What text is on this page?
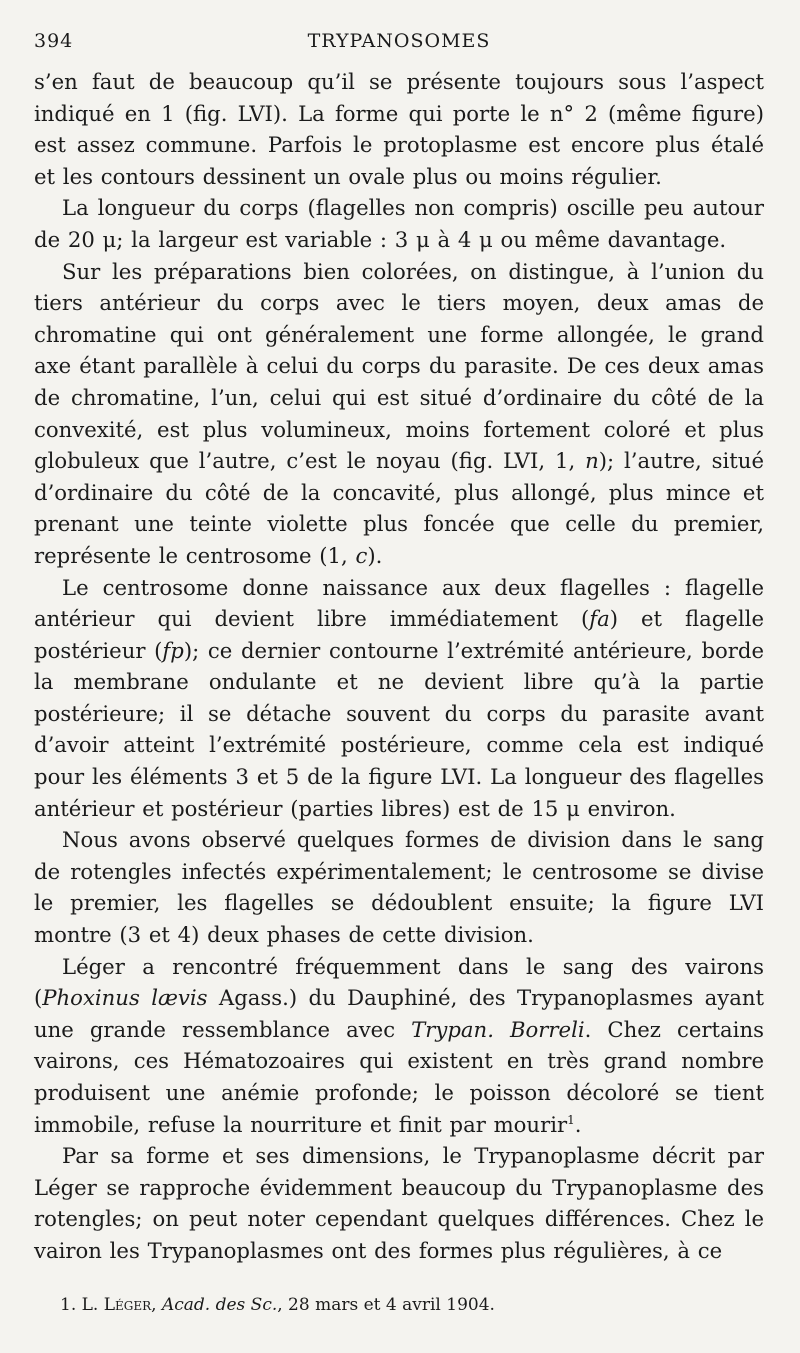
394	TRYPANOSOMES

s’en faut de beaucoup qu’il se présente toujours sous l’aspect indiqué en 1 (fig. LVI). La forme qui porte le n° 2 (même figure) est assez commune. Parfois le protoplasme est encore plus étalé et les contours dessinent un ovale plus ou moins régulier.

La longueur du corps (flagelles non compris) oscille peu autour de 20 μ; la largeur est variable : 3 μ à 4 μ ou même davantage.

Sur les préparations bien colorées, on distingue, à l’union du tiers antérieur du corps avec le tiers moyen, deux amas de chromatine qui ont généralement une forme allongée, le grand axe étant parallèle à celui du corps du parasite. De ces deux amas de chromatine, l’un, celui qui est situé d’ordinaire du côté de la convexité, est plus volumineux, moins fortement coloré et plus globuleux que l’autre, c’est le noyau (fig. LVI, 1, n); l’autre, situé d’ordinaire du côté de la concavité, plus allongé, plus mince et prenant une teinte violette plus foncée que celle du premier, représente le centrosome (1, c).

Le centrosome donne naissance aux deux flagelles : flagelle antérieur qui devient libre immédiatement (fa) et flagelle postérieur (fp); ce dernier contourne l’extrémité antérieure, borde la membrane ondulante et ne devient libre qu’à la partie postérieure; il se détache souvent du corps du parasite avant d’avoir atteint l’extrémité postérieure, comme cela est indiqué pour les éléments 3 et 5 de la figure LVI. La longueur des flagelles antérieur et postérieur (parties libres) est de 15 μ environ.

Nous avons observé quelques formes de division dans le sang de rotengles infectés expérimentalement; le centrosome se divise le premier, les flagelles se dédoublent ensuite; la figure LVI montre (3 et 4) deux phases de cette division.

Léger a rencontré fréquemment dans le sang des vairons (Phoxinus lævis Agass.) du Dauphiné, des Trypanoplasmes ayant une grande ressemblance avec Trypan. Borreli. Chez certains vairons, ces Hématozoaires qui existent en très grand nombre produisent une anémie profonde; le poisson décoloré se tient immobile, refuse la nourriture et finit par mourir$^1$.

Par sa forme et ses dimensions, le Trypanoplasme décrit par Léger se rapproche évidemment beaucoup du Trypanoplasme des rotengles; on peut noter cependant quelques différences. Chez le vairon les Trypanoplasmes ont des formes plus régulières, à ce

1. L. Léger, Acad. des Sc., 28 mars et 4 avril 1904.
